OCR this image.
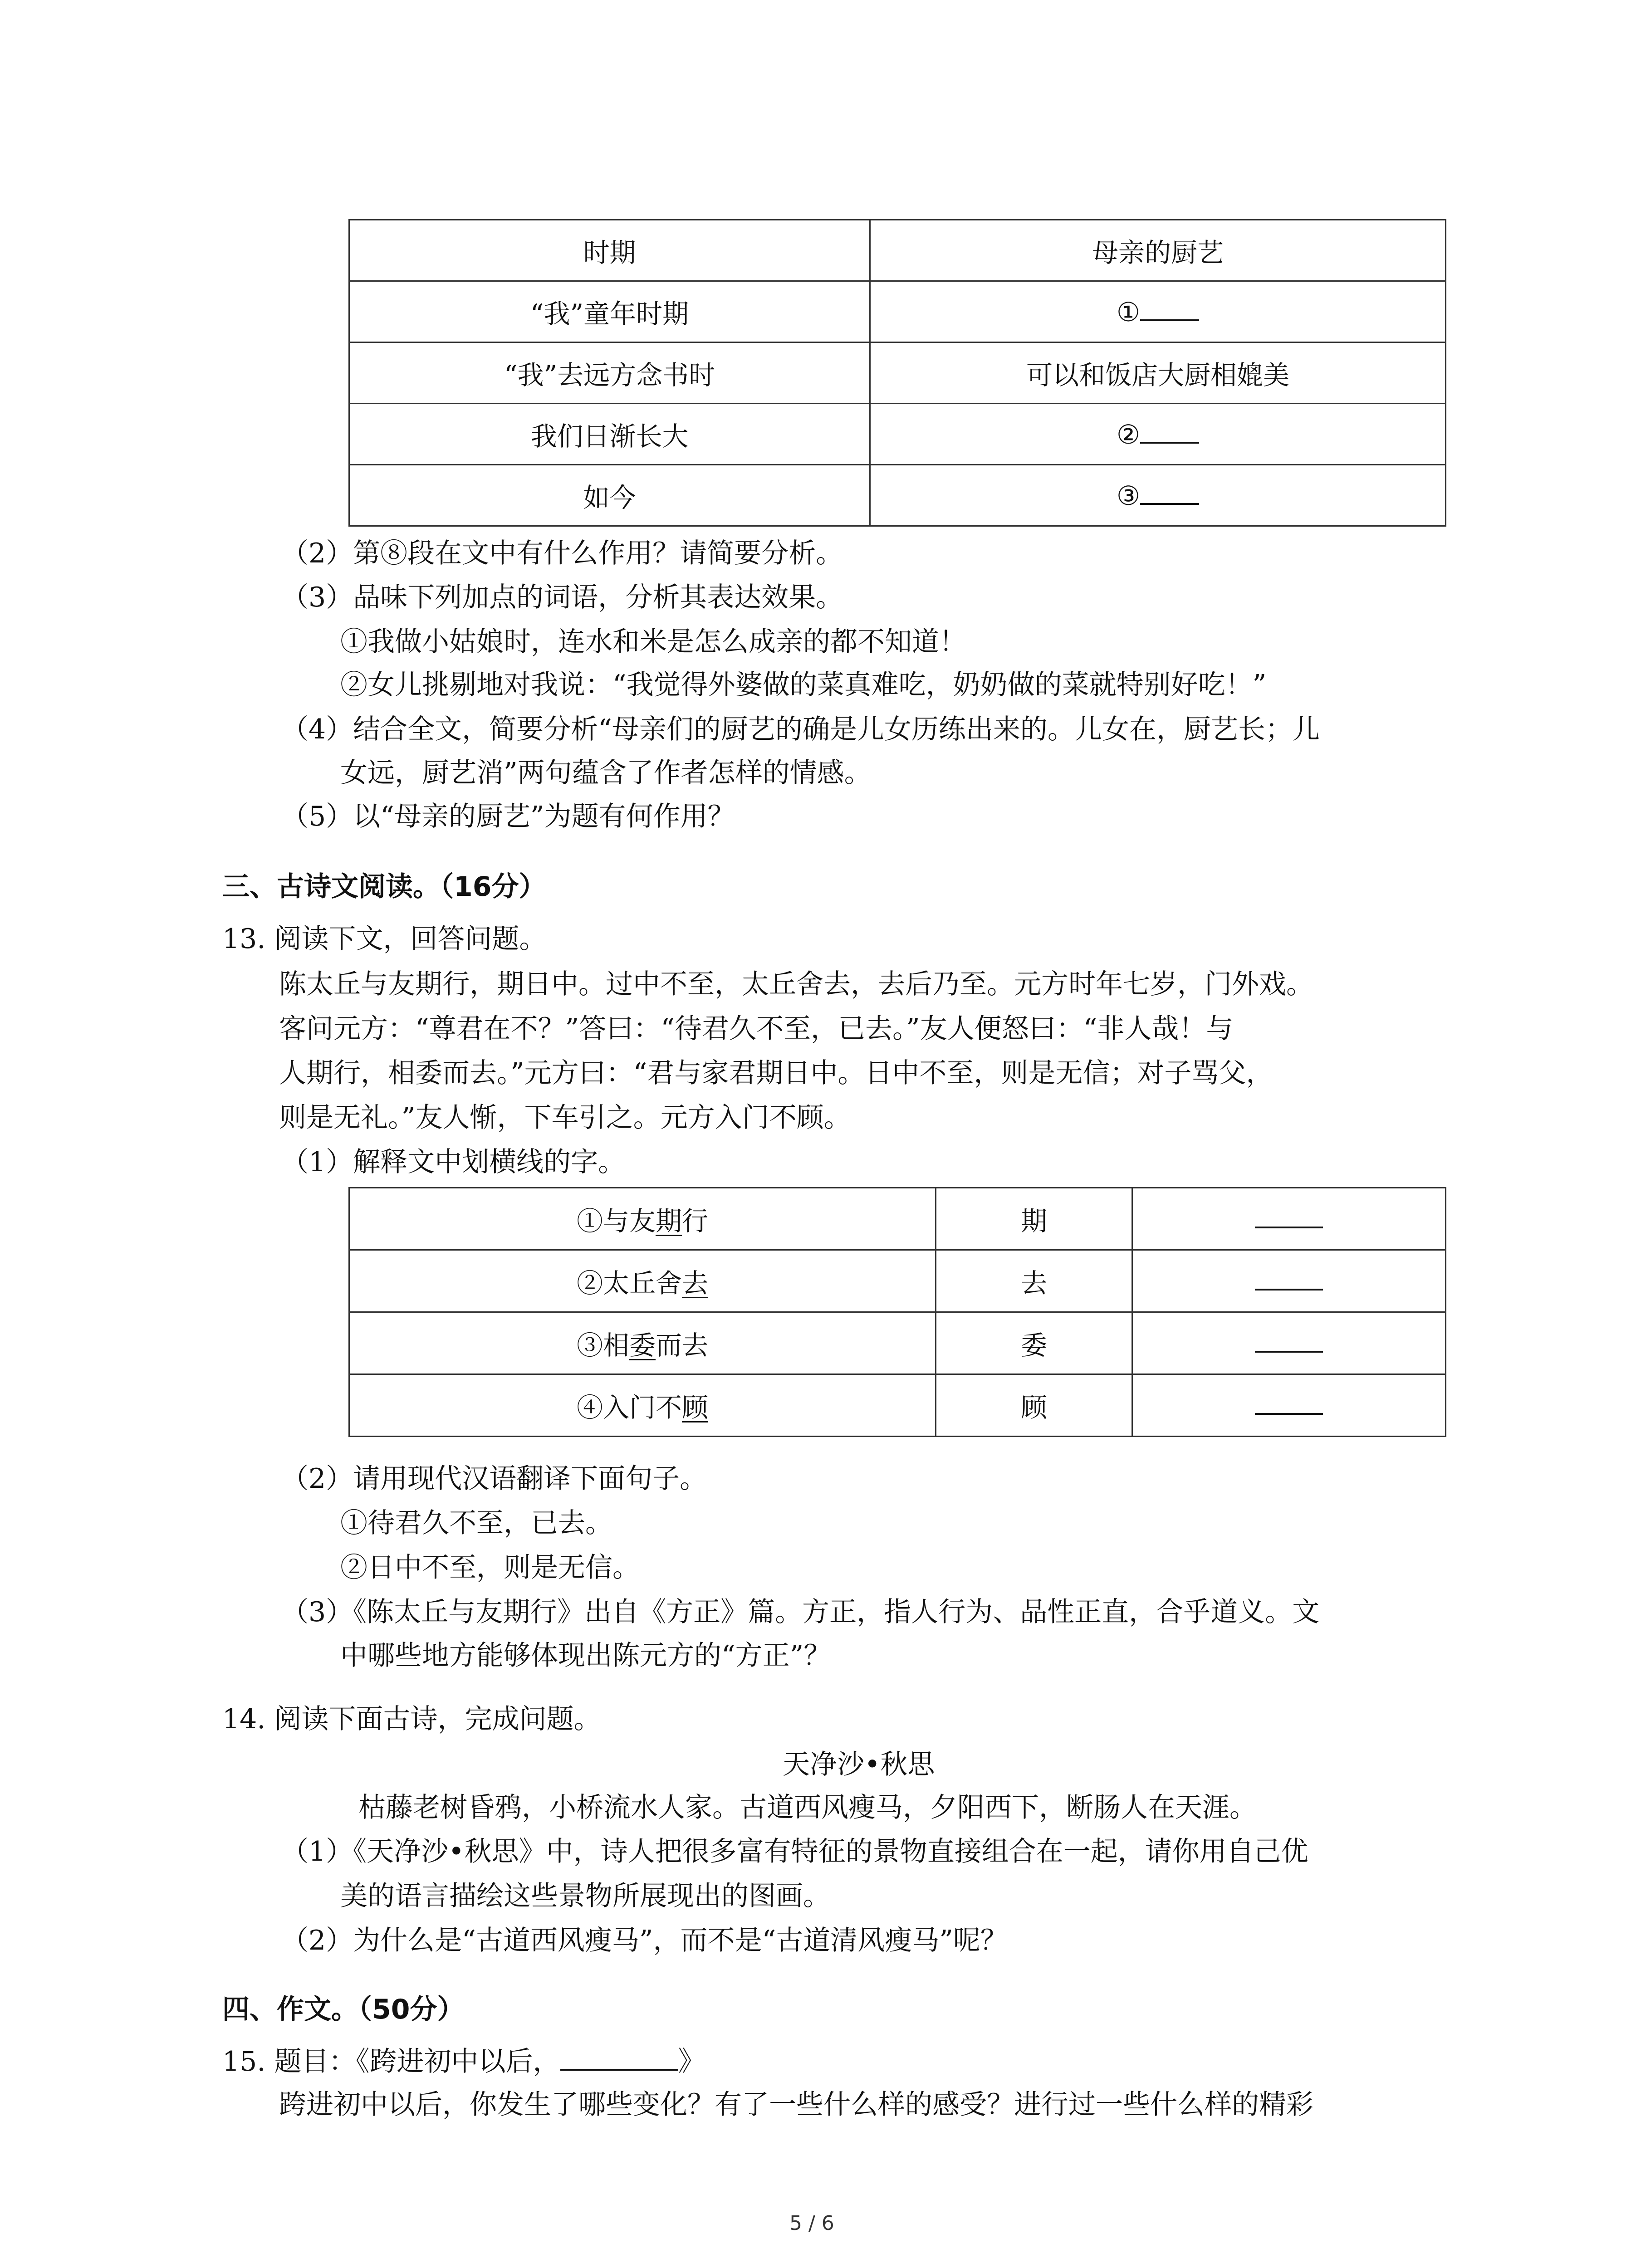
时期	母亲的厨艺
“我”童年时期	①
“我”去远方念书时	可以和饭店大厨相媲美
我们日渐长大	②
如今	③
（2）第⑧段在文中有什么作用？请简要分析。
（3）品味下列加点的词语，分析其表达效果。
①我做小姑娘时，连水和米是怎么成亲的都不知道！
②女儿挑剔地对我说：“我觉得外婆做的菜真难吃，奶奶做的菜就特别好吃！”
（4）结合全文，简要分析“母亲们的厨艺的确是儿女历练出来的。儿女在，厨艺长；儿
女远，厨艺消”两句蕴含了作者怎样的情感。
（5）以“母亲的厨艺”为题有何作用？
三、古诗文阅读。（16分）
13. 阅读下文，回答问题。
陈太丘与友期行，期日中。过中不至，太丘舍去，去后乃至。元方时年七岁，门外戏。
客问元方：“尊君在不？”答曰：“待君久不至，已去。”友人便怒曰：“非人哉！与
人期行，相委而去。”元方曰：“君与家君期日中。日中不至，则是无信；对子骂父，
则是无礼。”友人惭，下车引之。元方入门不顾。
（1）解释文中划横线的字。
①与友期行	期	
②太丘舍去	去	
③相委而去	委	
④入门不顾	顾	
（2）请用现代汉语翻译下面句子。
①待君久不至，已去。
②日中不至，则是无信。
（3）《陈太丘与友期行》出自《方正》篇。方正，指人行为、品性正直，合乎道义。文
中哪些地方能够体现出陈元方的“方正”？
14. 阅读下面古诗，完成问题。
天净沙•秋思
枯藤老树昏鸦，小桥流水人家。古道西风瘦马，夕阳西下，断肠人在天涯。
（1）《天净沙•秋思》中，诗人把很多富有特征的景物直接组合在一起，请你用自己优
美的语言描绘这些景物所展现出的图画。
（2）为什么是“古道西风瘦马”，而不是“古道清风瘦马”呢？
四、作文。（50分）
15. 题目：《跨进初中以后，	》
跨进初中以后，你发生了哪些变化？有了一些什么样的感受？进行过一些什么样的精彩
5 / 6
